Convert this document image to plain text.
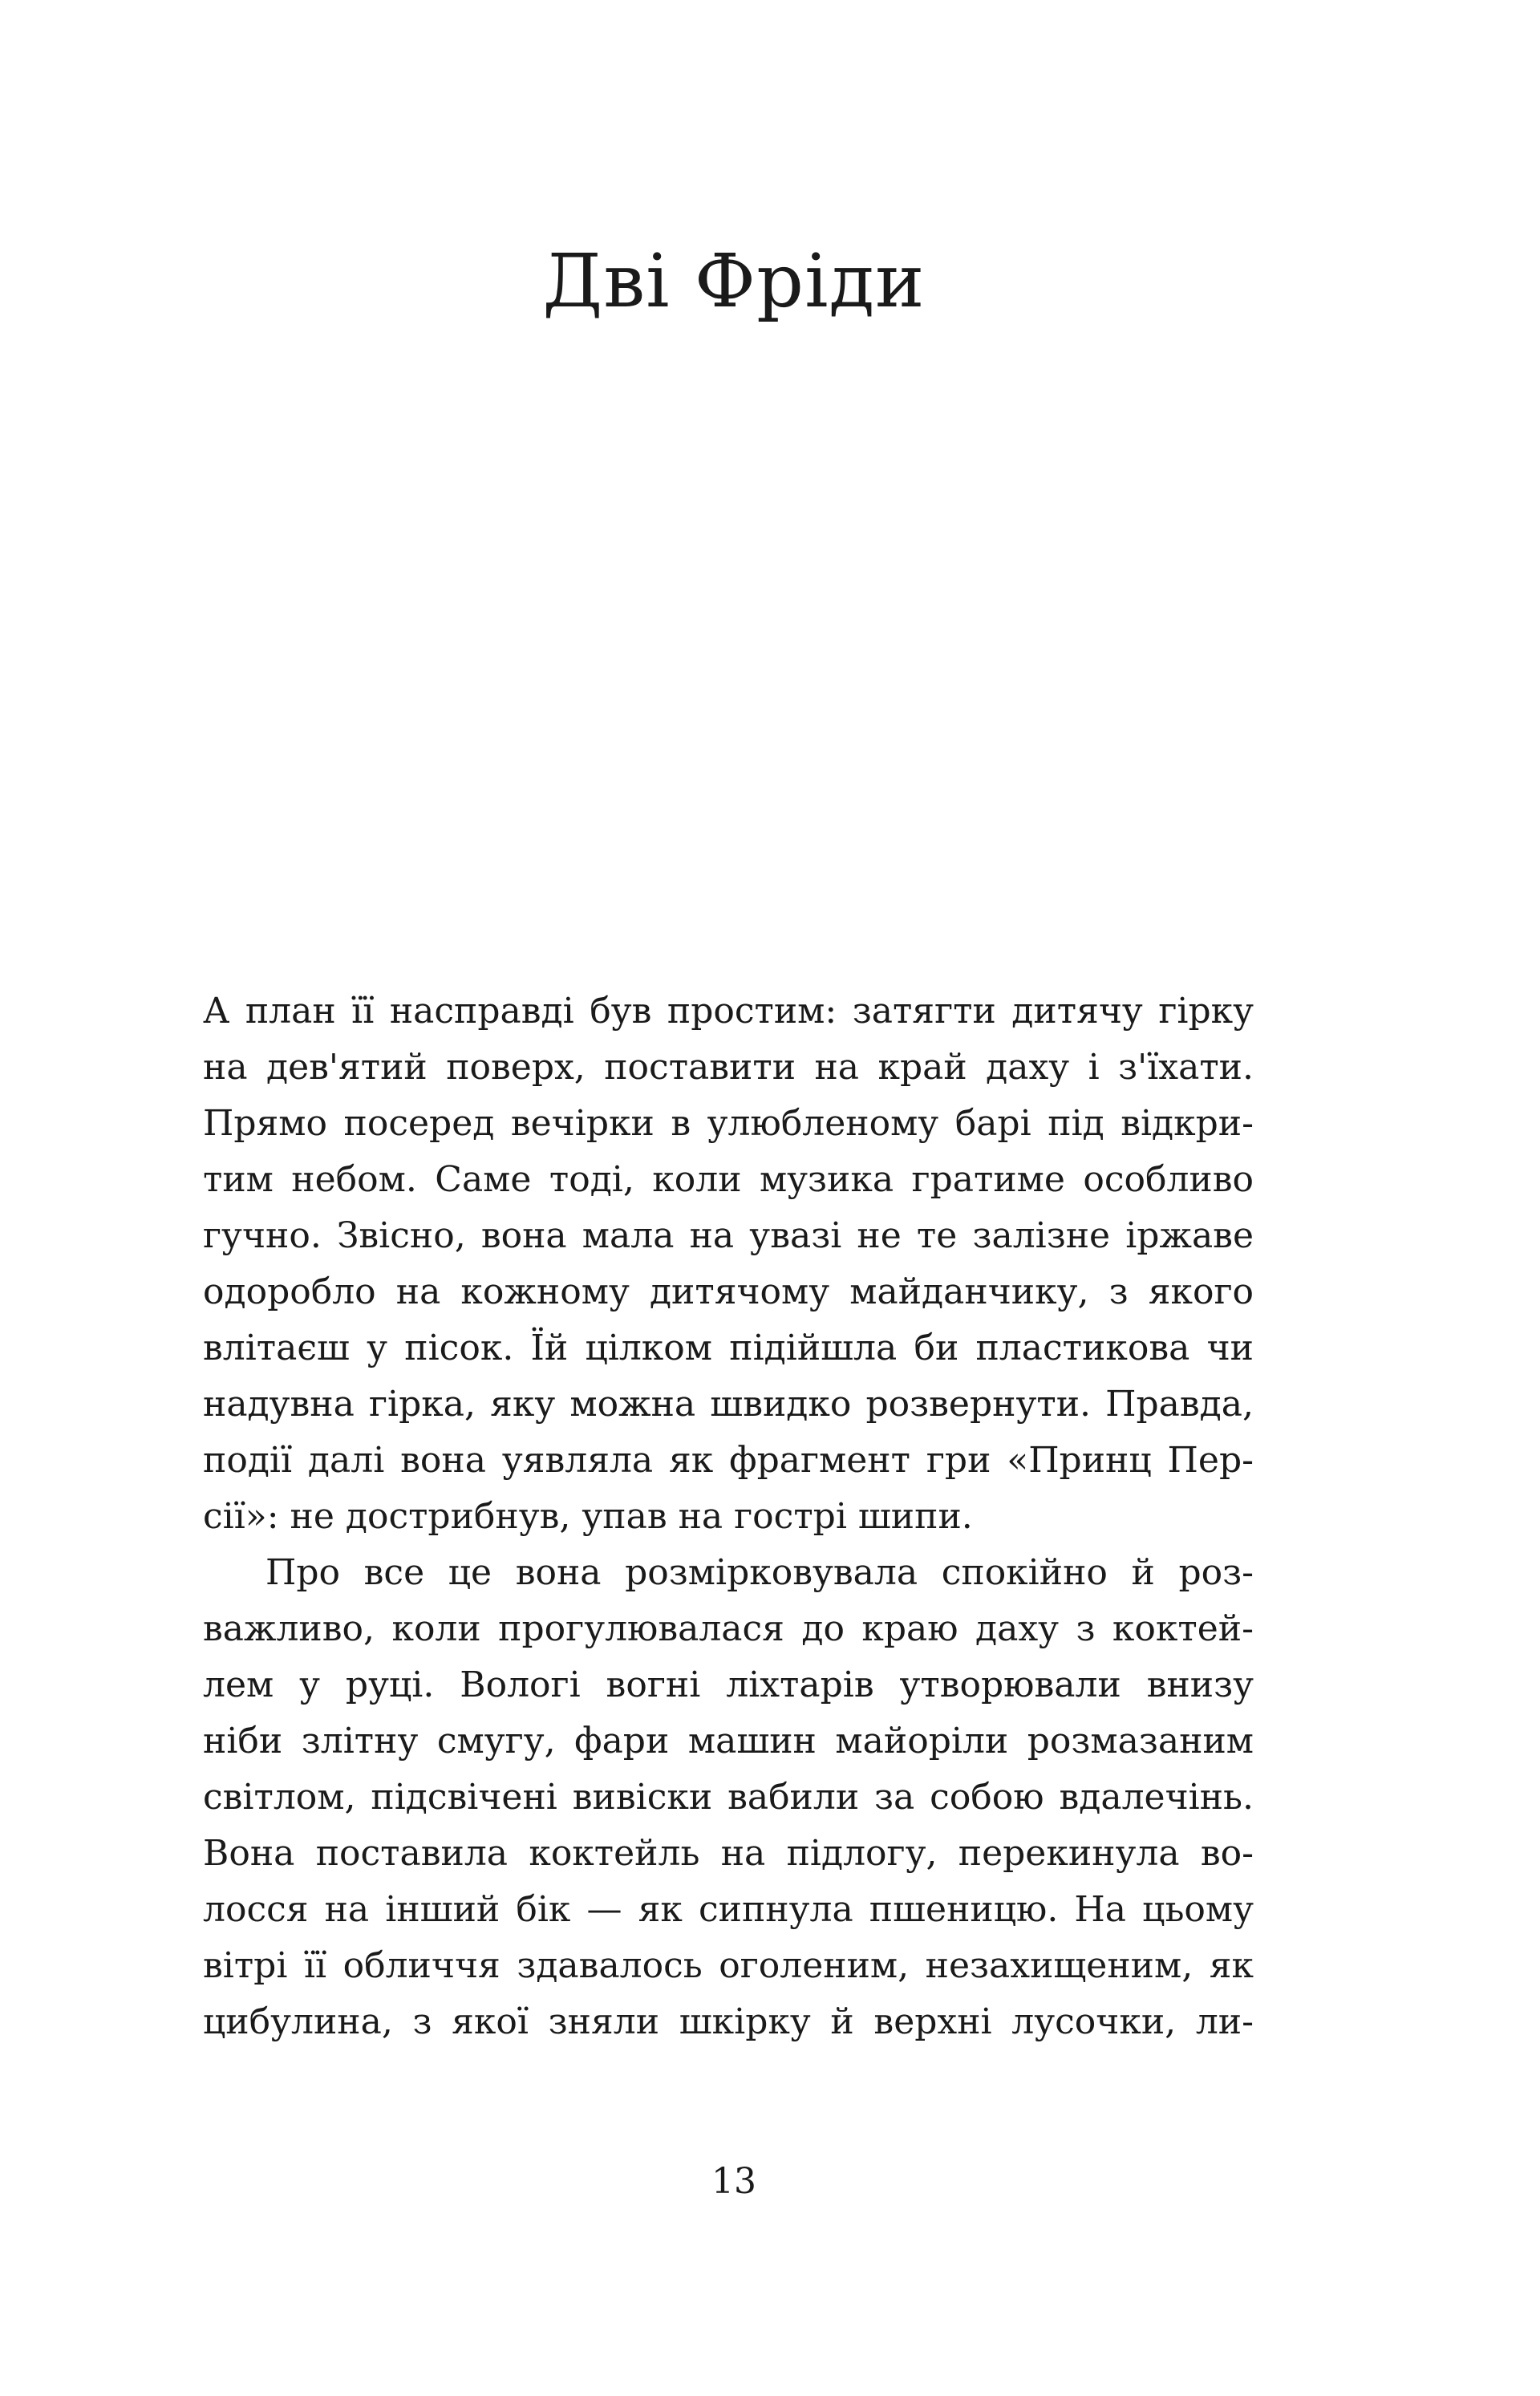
Дві Фріди
А план її насправді був простим: затягти дитячу гірку
на дев'ятий поверх, поставити на край даху і з'їхати.
Прямо посеред вечірки в улюбленому барі під відкри-
тим небом. Саме тоді, коли музика гратиме особливо
гучно. Звісно, вона мала на увазі не те залізне іржаве
одоробло на кожному дитячому майданчику, з якого
влітаєш у пісок. Їй цілком підійшла би пластикова чи
надувна гірка, яку можна швидко розвернути. Правда,
події далі вона уявляла як фрагмент гри «Принц Пер-
сії»: не дострибнув, упав на гострі шипи.
Про все це вона розмірковувала спокійно й роз-
важливо, коли прогулювалася до краю даху з коктей-
лем у руці. Вологі вогні ліхтарів утворювали внизу
ніби злітну смугу, фари машин майоріли розмазаним
світлом, підсвічені вивіски вабили за собою вдалечінь.
Вона поставила коктейль на підлогу, перекинула во-
лосся на інший бік — як сипнула пшеницю. На цьому
вітрі її обличчя здавалось оголеним, незахищеним, як
цибулина, з якої зняли шкірку й верхні лусочки, ли-
13
